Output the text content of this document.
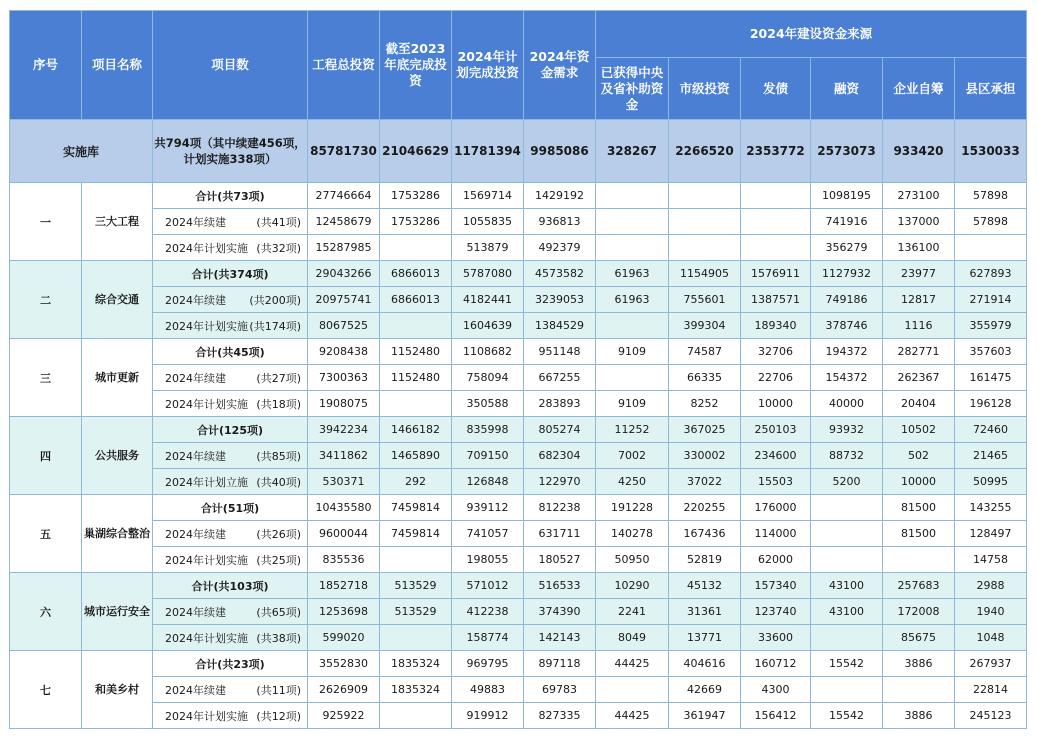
序号	项目名称	项目数	工程总投资	截至2023年底完成投资	2024年计划完成投资	2024年资金需求	2024年建设资金来源					
							已获得中央及省补助资金	市级投资	发债	融资	企业自筹	县区承担
实施库		共794项（其中续建456项，计划实施338项）	85781730	21046629	11781394	9985086	328267	2266520	2353772	2573073	933420	1530033
一	三大工程	合计(共73项)	27746664	1753286	1569714	1429192				1098195	273100	57898

		2024年续建 (共41项)	12458679	1753286	1055835	936813				741916	137000	57898

		2024年计划实施 (共32项)	15287985		513879	492379				356279	136100	
二	综合交通	合计(共374项)	29043266	6866013	5787080	4573582	61963	1154905	1576911	1127932	23977	627893

		2024年续建 (共200项)	20975741	6866013	4182441	3239053	61963	755601	1387571	749186	12817	271914

		2024年计划实施 (共174项)	8067525		1604639	1384529		399304	189340	378746	1116	355979
三	城市更新	合计(共45项)	9208438	1152480	1108682	951148	9109	74587	32706	194372	282771	357603

		2024年续建 (共27项)	7300363	1152480	758094	667255		66335	22706	154372	262367	161475

		2024年计划实施 (共18项)	1908075		350588	283893	9109	8252	10000	40000	20404	196128
四	公共服务	合计(125项)	3942234	1466182	835998	805274	11252	367025	250103	93932	10502	72460

		2024年续建 (共85项)	3411862	1465890	709150	682304	7002	330002	234600	88732	502	21465

		2024年计划立施 (共40项)	530371	292	126848	122970	4250	37022	15503	5200	10000	50995
五	巢湖综合整治	合计(51项)	10435580	7459814	939112	812238	191228	220255	176000		81500	143255

		2024年续建 (共26项)	9600044	7459814	741057	631711	140278	167436	114000		81500	128497

		2024年计划实施 (共25项)	835536		198055	180527	50950	52819	62000			14758
六	城市运行安全	合计(共103项)	1852718	513529	571012	516533	10290	45132	157340	43100	257683	2988

		2024年续建 (共65项)	1253698	513529	412238	374390	2241	31361	123740	43100	172008	1940

		2024年计划实施 (共38项)	599020		158774	142143	8049	13771	33600		85675	1048
七	和美乡村	合计(共23项)	3552830	1835324	969795	897118	44425	404616	160712	15542	3886	267937

		2024年续建 (共11项)	2626909	1835324	49883	69783		42669	4300			22814

		2024年计划实施 (共12项)	925922		919912	827335	44425	361947	156412	15542	3886	245123
